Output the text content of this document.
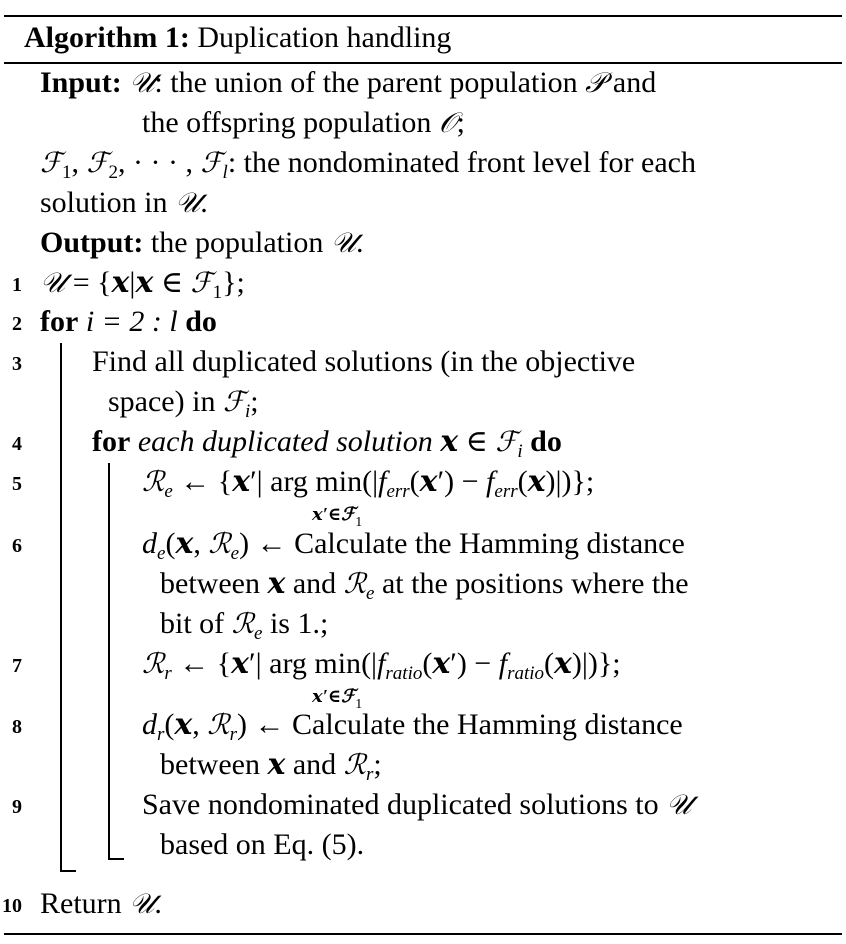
Algorithm 1: Duplication handling
Input: 𝒰: the union of the parent population 𝒫 and
the offspring population 𝒪;
ℱ$_1$, ℱ$_2$, · · · , ℱ$_l$: the nondominated front level for each
solution in 𝒰.
Output: the population 𝒰.
1 𝒰 = {𝒙|𝒙 ∈ ℱ$_1$};
2 for i = 2 : l do
3 Find all duplicated solutions (in the objective
space) in ℱ$_i$;
4 for each duplicated solution 𝒙 ∈ ℱ$_i$ do
5	ℛ$_e$ ← {𝒙′| arg $\min(|f_{err}(𝒙')$ − $f_{err}(𝒙)|$)};
𝒙′∈ℱ$_1$
6	$d_e(𝒙$, ℛ$_e$) ← Calculate the Hamming distance
between 𝒙 and ℛ$_e$ at the positions where the
bit of ℛ$_e$ is 1.;
7	ℛ$_r$ ← {𝒙′| arg $\min(|f_{ratio}(𝒙')$ − $f_{ratio}(𝒙)|$)};
𝒙′∈ℱ$_1$
8	$d_r(𝒙$, ℛ$_r$) ← Calculate the Hamming distance
between 𝒙 and ℛ$_r$;
9	Save nondominated duplicated solutions to 𝒰
based on Eq. (5).
10 Return 𝒰.
